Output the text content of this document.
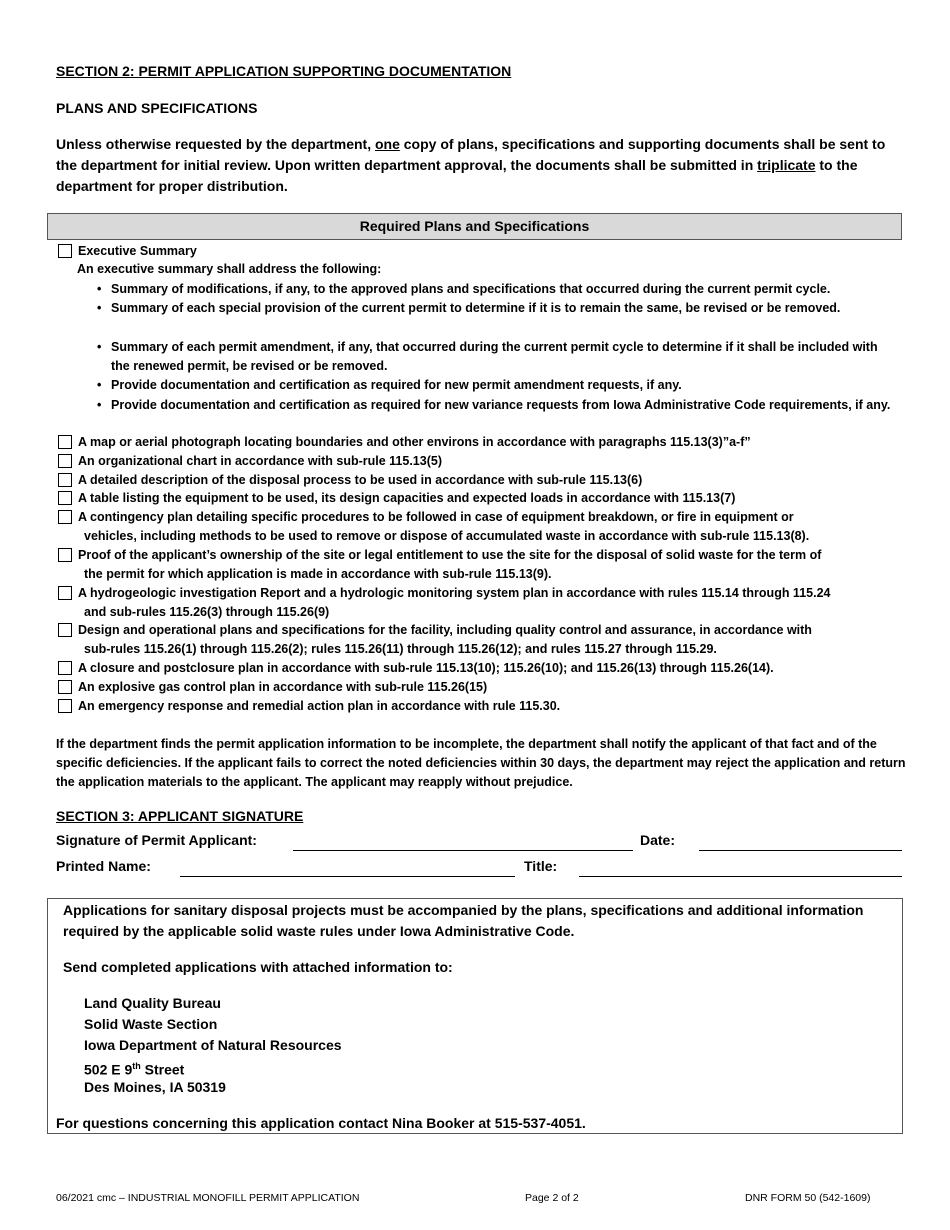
SECTION 2: PERMIT APPLICATION SUPPORTING DOCUMENTATION
PLANS AND SPECIFICATIONS
Unless otherwise requested by the department, one copy of plans, specifications and supporting documents shall be sent to the department for initial review. Upon written department approval, the documents shall be submitted in triplicate to the department for proper distribution.
Required Plans and Specifications
Executive Summary
An executive summary shall address the following:
• Summary of modifications, if any, to the approved plans and specifications that occurred during the current permit cycle.
• Summary of each special provision of the current permit to determine if it is to remain the same, be revised or be removed.
• Summary of each permit amendment, if any, that occurred during the current permit cycle to determine if it shall be included with the renewed permit, be revised or be removed.
• Provide documentation and certification as required for new permit amendment requests, if any.
• Provide documentation and certification as required for new variance requests from Iowa Administrative Code requirements, if any.
A map or aerial photograph locating boundaries and other environs in accordance with paragraphs 115.13(3)”a-f”
An organizational chart in accordance with sub-rule 115.13(5)
A detailed description of the disposal process to be used in accordance with sub-rule 115.13(6)
A table listing the equipment to be used, its design capacities and expected loads in accordance with 115.13(7)
A contingency plan detailing specific procedures to be followed in case of equipment breakdown, or fire in equipment or
vehicles, including methods to be used to remove or dispose of accumulated waste in accordance with sub-rule 115.13(8).
Proof of the applicant’s ownership of the site or legal entitlement to use the site for the disposal of solid waste for the term of
the permit for which application is made in accordance with sub-rule 115.13(9).
A hydrogeologic investigation Report and a hydrologic monitoring system plan in accordance with rules 115.14 through 115.24
and sub-rules 115.26(3) through 115.26(9)
Design and operational plans and specifications for the facility, including quality control and assurance, in accordance with
sub-rules 115.26(1) through 115.26(2); rules 115.26(11) through 115.26(12); and rules 115.27 through 115.29.
A closure and postclosure plan in accordance with sub-rule 115.13(10); 115.26(10); and 115.26(13) through 115.26(14).
An explosive gas control plan in accordance with sub-rule 115.26(15)
An emergency response and remedial action plan in accordance with rule 115.30.
If the department finds the permit application information to be incomplete, the department shall notify the applicant of that fact and of the specific deficiencies. If the applicant fails to correct the noted deficiencies within 30 days, the department may reject the application and return the application materials to the applicant. The applicant may reapply without prejudice.
SECTION 3: APPLICANT SIGNATURE
Signature of Permit Applicant:	Date:
Printed Name:	Title:
Applications for sanitary disposal projects must be accompanied by the plans, specifications and additional information required by the applicable solid waste rules under Iowa Administrative Code.
Send completed applications with attached information to:
Land Quality Bureau
Solid Waste Section
Iowa Department of Natural Resources
502 E 9th Street
Des Moines, IA 50319
For questions concerning this application contact Nina Booker at 515-537-4051.
06/2021 cmc – INDUSTRIAL MONOFILL PERMIT APPLICATION	Page 2 of 2	DNR FORM 50 (542-1609)
